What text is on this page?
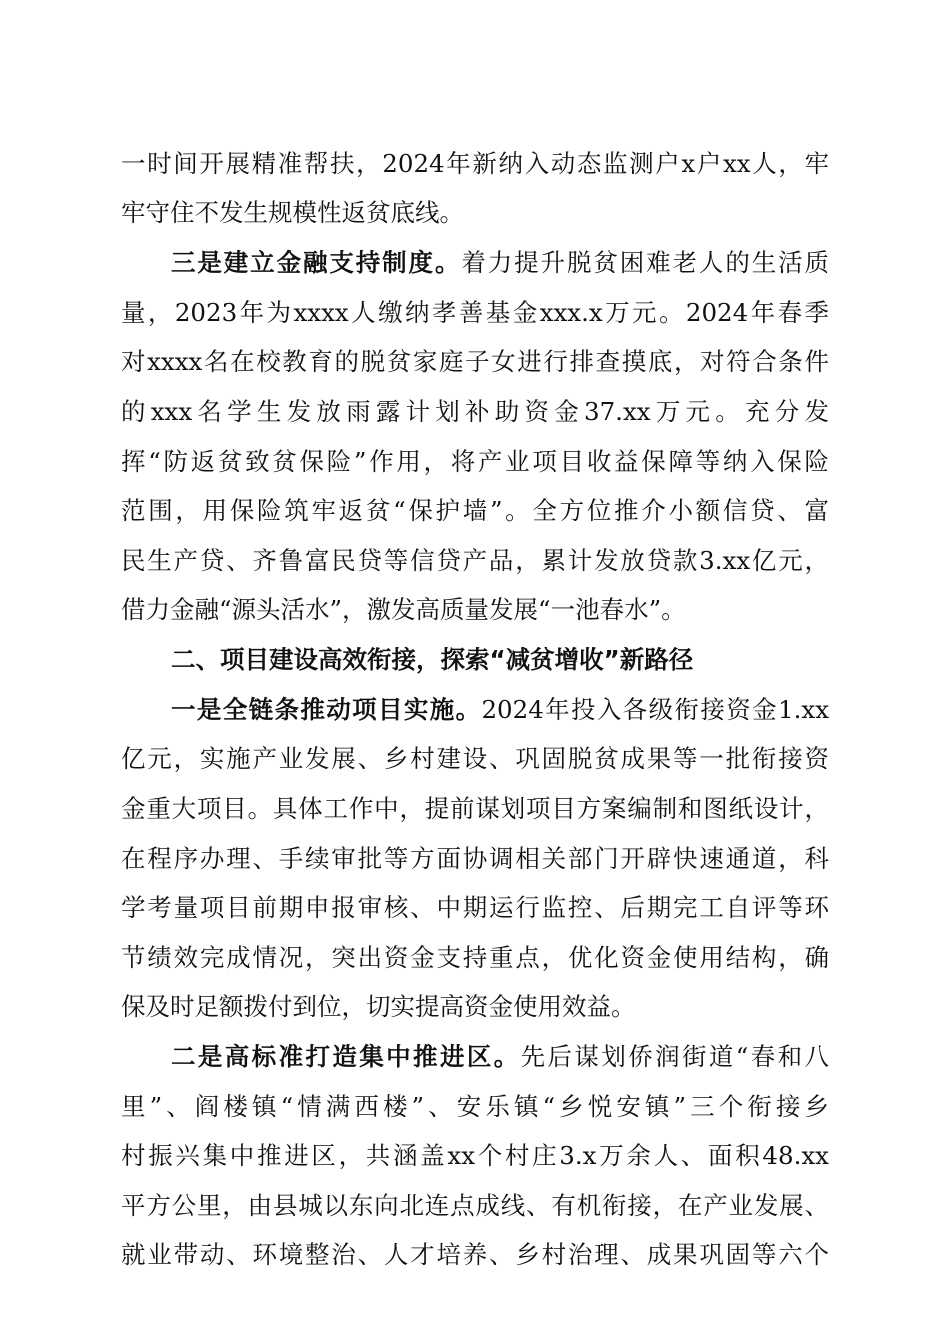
一时间开展精准帮扶，2024年新纳入动态监测户x户xx人，牢
牢守住不发生规模性返贫底线。
三是建立金融支持制度。着力提升脱贫困难老人的生活质
量，2023年为xxxx人缴纳孝善基金xxx.x万元。2024年春季
对xxxx名在校教育的脱贫家庭子女进行排查摸底，对符合条件
的xxx名学生发放雨露计划补助资金37.xx万元。充分发
挥“防返贫致贫保险”作用，将产业项目收益保障等纳入保险
范围，用保险筑牢返贫“保护墙”。全方位推介小额信贷、富
民生产贷、齐鲁富民贷等信贷产品，累计发放贷款3.xx亿元，
借力金融“源头活水”，激发高质量发展“一池春水”。
二、项目建设高效衔接，探索“减贫增收”新路径
一是全链条推动项目实施。2024年投入各级衔接资金1.xx
亿元，实施产业发展、乡村建设、巩固脱贫成果等一批衔接资
金重大项目。具体工作中，提前谋划项目方案编制和图纸设计，
在程序办理、手续审批等方面协调相关部门开辟快速通道，科
学考量项目前期申报审核、中期运行监控、后期完工自评等环
节绩效完成情况，突出资金支持重点，优化资金使用结构，确
保及时足额拨付到位，切实提高资金使用效益。
二是高标准打造集中推进区。先后谋划侨润街道“春和八
里”、阎楼镇“情满西楼”、安乐镇“乡悦安镇”三个衔接乡
村振兴集中推进区，共涵盖xx个村庄3.x万余人、面积48.xx
平方公里，由县城以东向北连点成线、有机衔接，在产业发展、
就业带动、环境整治、人才培养、乡村治理、成果巩固等六个
